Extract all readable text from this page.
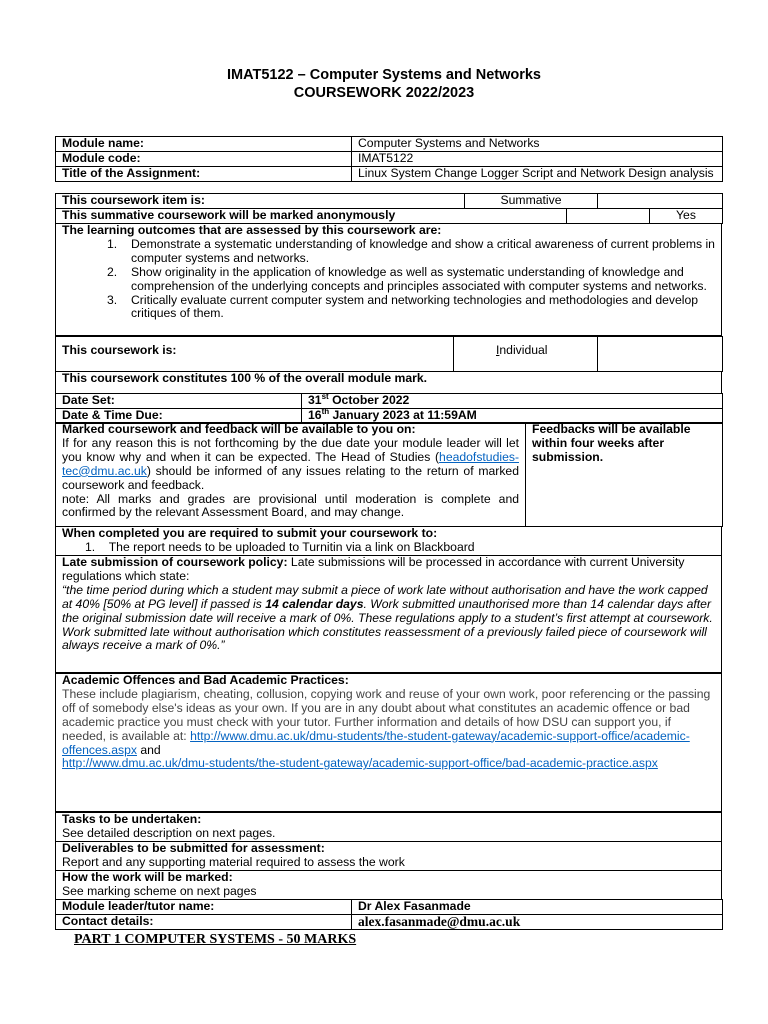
IMAT5122 – Computer Systems and Networks
COURSEWORK 2022/2023
Module name:	Computer Systems and Networks
Module code:	IMAT5122
Title of the Assignment:	Linux System Change Logger Script and Network Design analysis
This coursework item is:	Summative	
This summative coursework will be marked anonymously		Yes
The learning outcomes that are assessed by this coursework are:
1. Demonstrate a systematic understanding of knowledge and show a critical awareness of current problems in computer systems and networks.
2. Show originality in the application of knowledge as well as systematic understanding of knowledge and comprehension of the underlying concepts and principles associated with computer systems and networks.
3. Critically evaluate current computer system and networking technologies and methodologies and develop critiques of them.
This coursework is:	Individual	
This coursework constitutes 100 % of the overall module mark.
Date Set:	31st October 2022
Date & Time Due:	16th January 2023 at 11:59AM
Marked coursework and feedback will be available to you on:
If for any reason this is not forthcoming by the due date your module leader will let you know why and when it can be expected. The Head of Studies (headofstudies-tec@dmu.ac.uk) should be informed of any issues relating to the return of marked coursework and feedback.
note: All marks and grades are provisional until moderation is complete and confirmed by the relevant Assessment Board, and may change.
	Feedbacks will be available within four weeks after submission.
When completed you are required to submit your coursework to:
1. The report needs to be uploaded to Turnitin via a link on Blackboard
Late submission of coursework policy: Late submissions will be processed in accordance with current University regulations which state:
“the time period during which a student may submit a piece of work late without authorisation and have the work capped at 40% [50% at PG level] if passed is 14 calendar days. Work submitted unauthorised more than 14 calendar days after the original submission date will receive a mark of 0%. These regulations apply to a student’s first attempt at coursework. Work submitted late without authorisation which constitutes reassessment of a previously failed piece of coursework will always receive a mark of 0%.”
Academic Offences and Bad Academic Practices:
These include plagiarism, cheating, collusion, copying work and reuse of your own work, poor referencing or the passing off of somebody else's ideas as your own. If you are in any doubt about what constitutes an academic offence or bad academic practice you must check with your tutor. Further information and details of how DSU can support you, if needed, is available at: http://www.dmu.ac.uk/dmu-students/the-student-gateway/academic-support-office/academic-offences.aspx and
http://www.dmu.ac.uk/dmu-students/the-student-gateway/academic-support-office/bad-academic-practice.aspx
Tasks to be undertaken:
See detailed description on next pages.

Deliverables to be submitted for assessment:
Report and any supporting material required to assess the work

How the work will be marked:
See marking scheme on next pages
Module leader/tutor name:	Dr Alex Fasanmade
Contact details:	alex.fasanmade@dmu.ac.uk
PART 1 COMPUTER SYSTEMS - 50 MARKS
